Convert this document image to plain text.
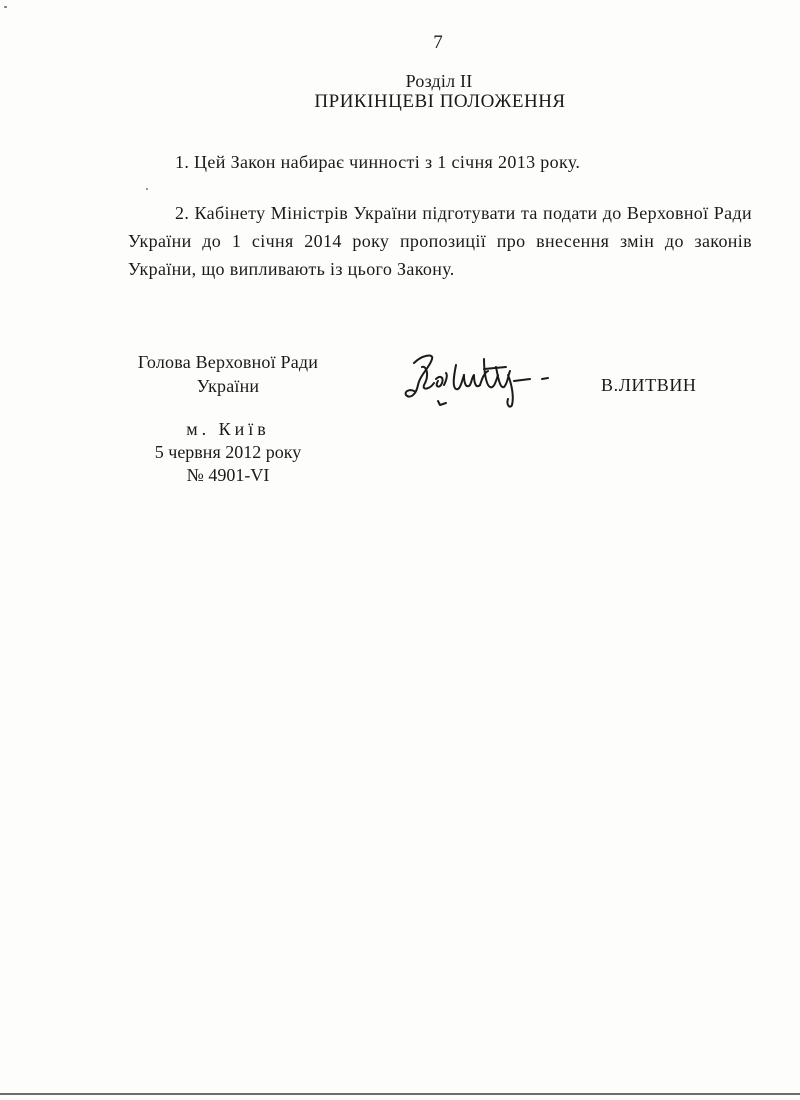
7
Розділ II
ПРИКІНЦЕВІ ПОЛОЖЕННЯ
1. Цей Закон набирає чинності з 1 січня 2013 року.
2. Кабінету Міністрів України підготувати та подати до Верховної Ради України до 1 січня 2014 року пропозиції про внесення змін до законів України, що випливають із цього Закону.
Голова Верховної Ради
України	В.ЛИТВИН
м. Київ
5 червня 2012 року
№ 4901-VI
